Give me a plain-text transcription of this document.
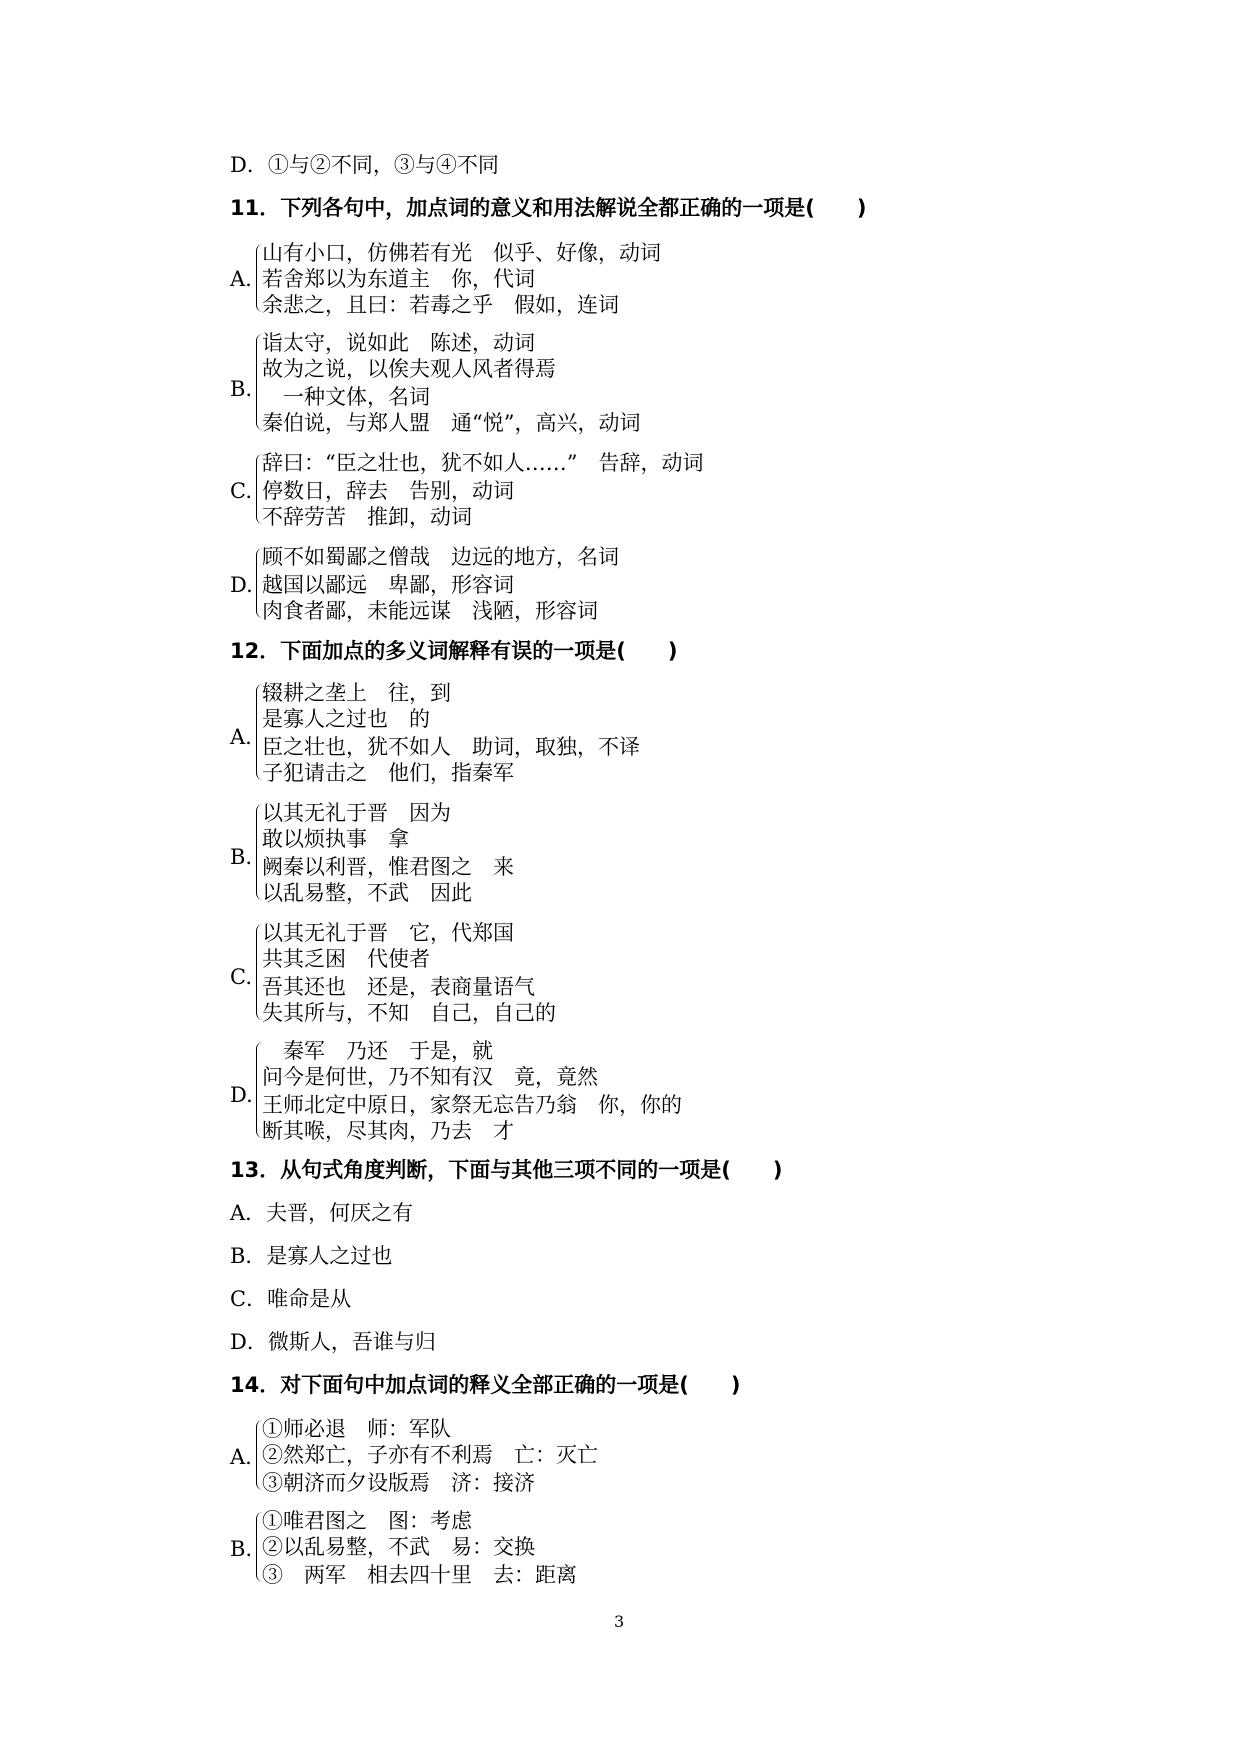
D．①与②不同，③与④不同
11．下列各句中，加点词的意义和用法解说全都正确的一项是(　　)
A.
山有小口，仿佛若有光　似乎、好像，动词
若舍郑以为东道主　你，代词
余悲之，且曰：若毒之乎　假如，连词
B.
诣太守，说如此　陈述，动词
故为之说，以俟夫观人风者得焉
　一种文体，名词
秦伯说，与郑人盟　通“悦”，高兴，动词
C.
辞曰：“臣之壮也，犹不如人……”　告辞，动词
停数日，辞去　告别，动词
不辞劳苦　推卸，动词
D.
顾不如蜀鄙之僧哉　边远的地方，名词
越国以鄙远　卑鄙，形容词
肉食者鄙，未能远谋　浅陋，形容词
12．下面加点的多义词解释有误的一项是(　　)
A.
辍耕之垄上　往，到
是寡人之过也　的
臣之壮也，犹不如人　助词，取独，不译
子犯请击之　他们，指秦军
B.
以其无礼于晋　因为
敢以烦执事　拿
阙秦以利晋，惟君图之　来
以乱易整，不武　因此
C.
以其无礼于晋　它，代郑国
共其乏困　代使者
吾其还也　还是，表商量语气
失其所与，不知　自己，自己的
D.
　秦军　乃还　于是，就
问今是何世，乃不知有汉　竟，竟然
王师北定中原日，家祭无忘告乃翁　你，你的
断其喉，尽其肉，乃去　才
13．从句式角度判断，下面与其他三项不同的一项是(　　)
A．夫晋，何厌之有
B．是寡人之过也
C．唯命是从
D．微斯人，吾谁与归
14．对下面句中加点词的释义全部正确的一项是(　　)
A.
①师必退　师：军队
②然郑亡，子亦有不利焉　亡：灭亡
③朝济而夕设版焉　济：接济
B.
①唯君图之　图：考虑
②以乱易整，不武　易：交换
③　两军　相去四十里　去：距离
3
